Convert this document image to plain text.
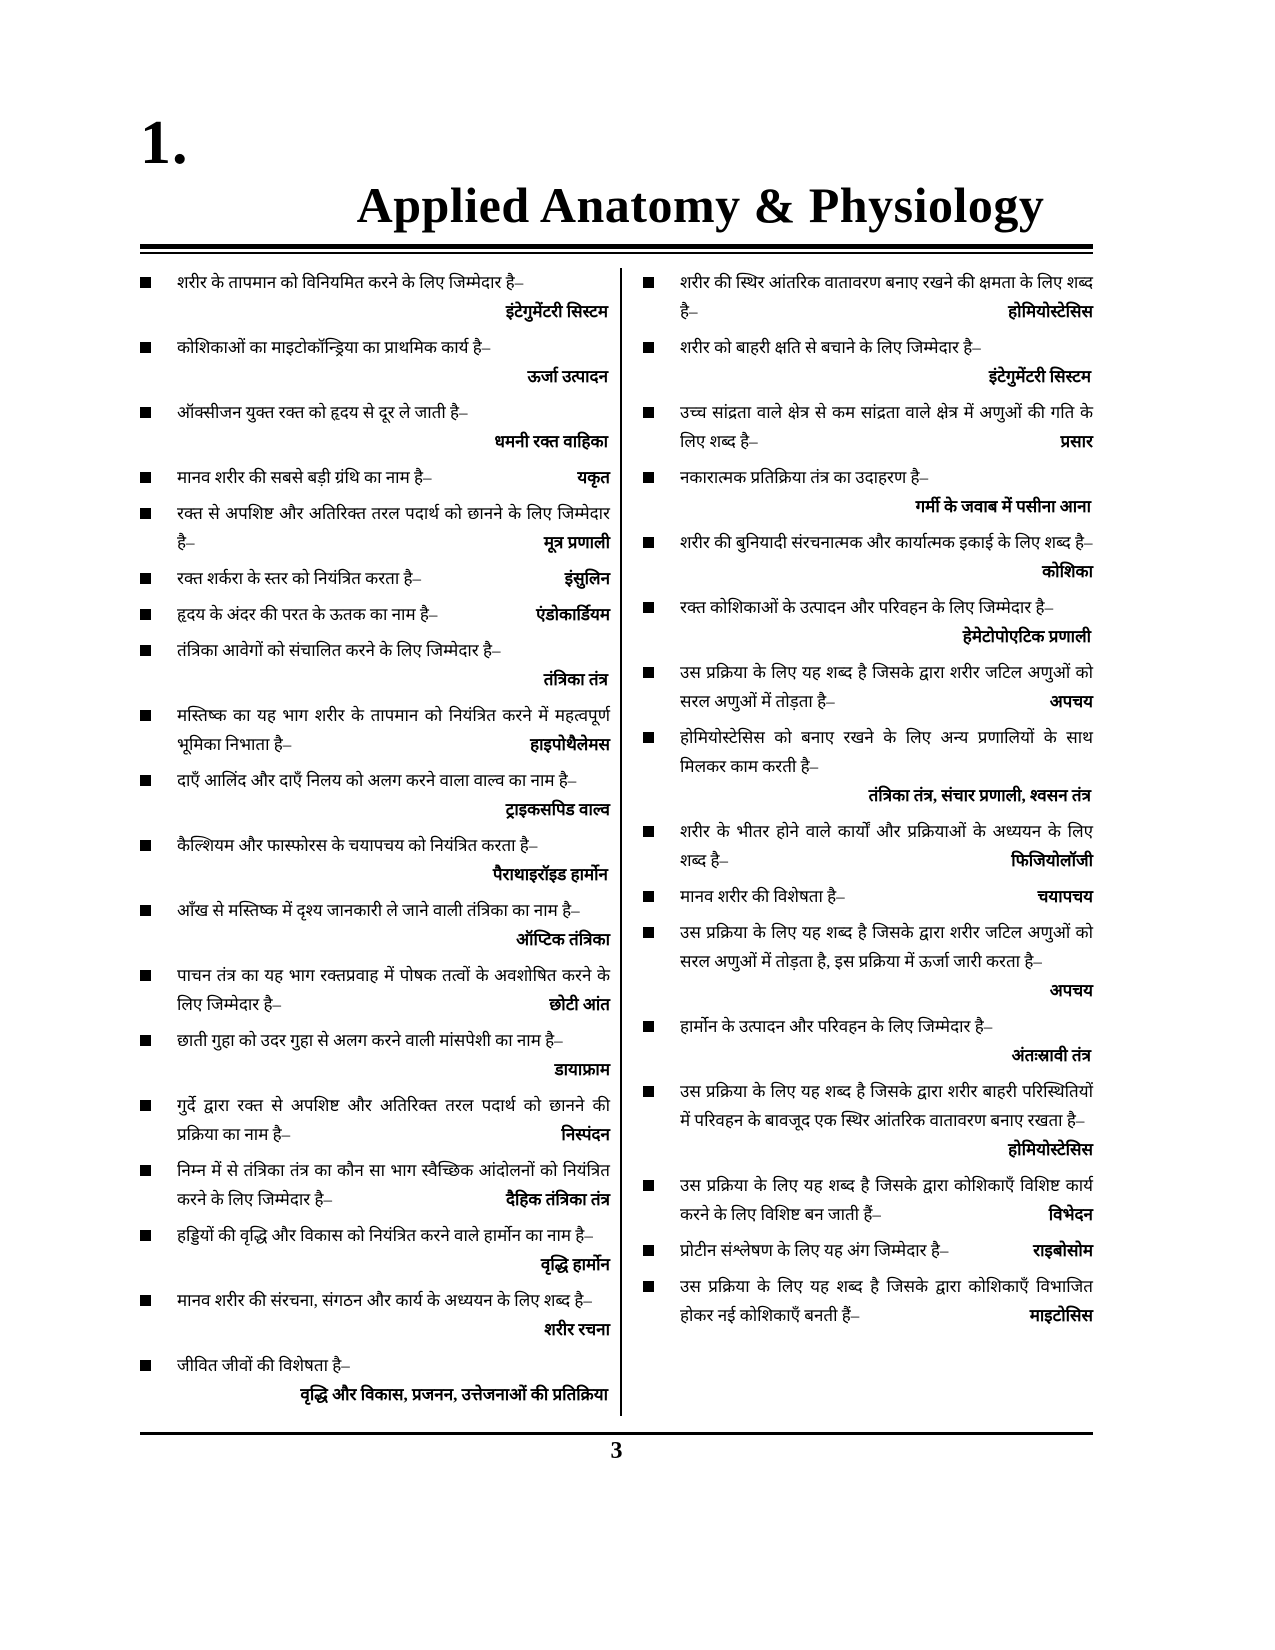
1.
Applied Anatomy & Physiology

शरीर के तापमान को विनियमित करने के लिए जिम्मेदार है–

इंटेगुमेंटरी सिस्टम

कोशिकाओं का माइटोकॉन्ड्रिया का प्राथमिक कार्य है–

ऊर्जा उत्पादन

ऑक्सीजन युक्त रक्त को हृदय से दूर ले जाती है–

धमनी रक्त वाहिका

मानव शरीर की सबसे बड़ी ग्रंथि का नाम है–	यकृत

रक्त से अपशिष्ट और अतिरिक्त तरल पदार्थ को छानने के लिए जिम्मेदार है–	मूत्र प्रणाली

रक्त शर्करा के स्तर को नियंत्रित करता है–	इंसुलिन

हृदय के अंदर की परत के ऊतक का नाम है–	एंडोकार्डियम

तंत्रिका आवेगों को संचालित करने के लिए जिम्मेदार है–

तंत्रिका तंत्र

मस्तिष्क का यह भाग शरीर के तापमान को नियंत्रित करने में महत्वपूर्ण भूमिका निभाता है–	हाइपोथैलेमस

दाएँ आलिंद और दाएँ निलय को अलग करने वाला वाल्व का नाम है–
ट्राइकसपिड वाल्व

कैल्शियम और फास्फोरस के चयापचय को नियंत्रित करता है–

पैराथाइरॉइड हार्मोन

आँख से मस्तिष्क में दृश्य जानकारी ले जाने वाली तंत्रिका का नाम है–
ऑप्टिक तंत्रिका

पाचन तंत्र का यह भाग रक्तप्रवाह में पोषक तत्वों के अवशोषित करने के लिए जिम्मेदार है–	छोटी आंत

छाती गुहा को उदर गुहा से अलग करने वाली मांसपेशी का नाम है–
डायाफ्राम

गुर्दे द्वारा रक्त से अपशिष्ट और अतिरिक्त तरल पदार्थ को छानने की प्रक्रिया का नाम है–	निस्पंदन

निम्न में से तंत्रिका तंत्र का कौन सा भाग स्वैच्छिक आंदोलनों को नियंत्रित करने के लिए जिम्मेदार है–	दैहिक तंत्रिका तंत्र

हड्डियों की वृद्धि और विकास को नियंत्रित करने वाले हार्मोन का नाम है–
वृद्धि हार्मोन

मानव शरीर की संरचना, संगठन और कार्य के अध्ययन के लिए शब्द है–
शरीर रचना

जीवित जीवों की विशेषता है–

वृद्धि और विकास, प्रजनन, उत्तेजनाओं की प्रतिक्रिया

शरीर की स्थिर आंतरिक वातावरण बनाए रखने की क्षमता के लिए शब्द है–	होमियोस्टेसिस

शरीर को बाहरी क्षति से बचाने के लिए जिम्मेदार है–

इंटेगुमेंटरी सिस्टम

उच्च सांद्रता वाले क्षेत्र से कम सांद्रता वाले क्षेत्र में अणुओं की गति के लिए शब्द है–	प्रसार

नकारात्मक प्रतिक्रिया तंत्र का उदाहरण है–

गर्मी के जवाब में पसीना आना

शरीर की बुनियादी संरचनात्मक और कार्यात्मक इकाई के लिए शब्द है–
कोशिका

रक्त कोशिकाओं के उत्पादन और परिवहन के लिए जिम्मेदार है–

हेमेटोपोएटिक प्रणाली

उस प्रक्रिया के लिए यह शब्द है जिसके द्वारा शरीर जटिल अणुओं को सरल अणुओं में तोड़ता है–	अपचय

होमियोस्टेसिस को बनाए रखने के लिए अन्य प्रणालियों के साथ मिलकर काम करती है–

तंत्रिका तंत्र, संचार प्रणाली, श्वसन तंत्र

शरीर के भीतर होने वाले कार्यों और प्रक्रियाओं के अध्ययन के लिए शब्द है–	फिजियोलॉजी

मानव शरीर की विशेषता है–	चयापचय

उस प्रक्रिया के लिए यह शब्द है जिसके द्वारा शरीर जटिल अणुओं को सरल अणुओं में तोड़ता है, इस प्रक्रिया में ऊर्जा जारी करता है–
अपचय

हार्मोन के उत्पादन और परिवहन के लिए जिम्मेदार है–

अंतःस्रावी तंत्र

उस प्रक्रिया के लिए यह शब्द है जिसके द्वारा शरीर बाहरी परिस्थितियों में परिवहन के बावजूद एक स्थिर आंतरिक वातावरण बनाए रखता है–
होमियोस्टेसिस

उस प्रक्रिया के लिए यह शब्द है जिसके द्वारा कोशिकाएँ विशिष्ट कार्य करने के लिए विशिष्ट बन जाती हैं–	विभेदन

प्रोटीन संश्लेषण के लिए यह अंग जिम्मेदार है–	राइबोसोम

उस प्रक्रिया के लिए यह शब्द है जिसके द्वारा कोशिकाएँ विभाजित होकर नई कोशिकाएँ बनती हैं–	माइटोसिस

3
